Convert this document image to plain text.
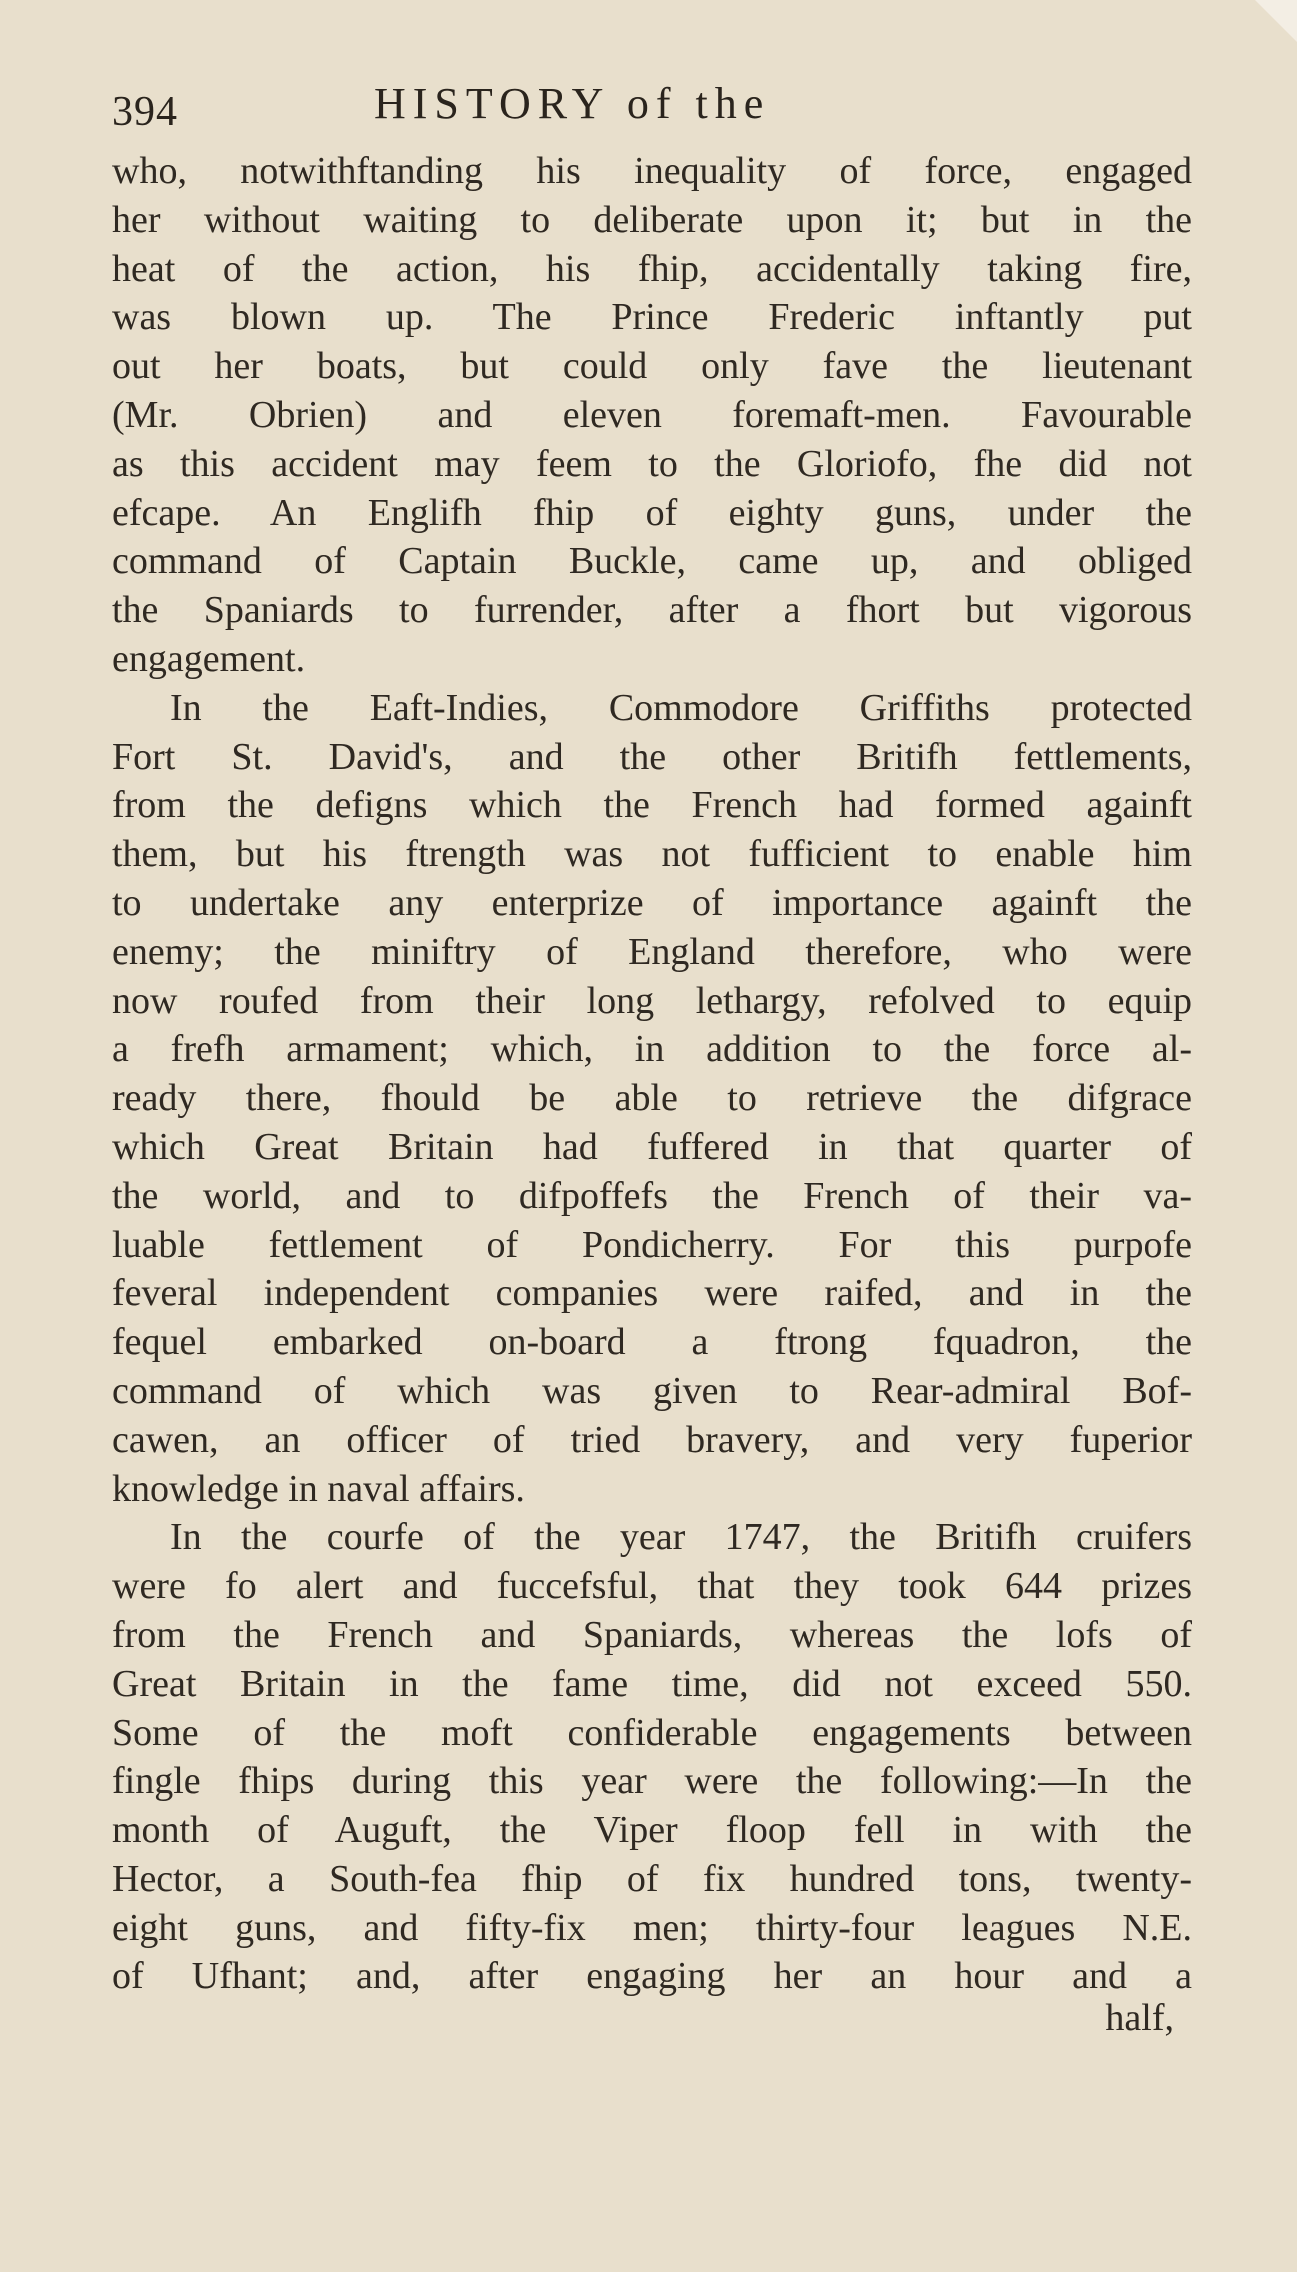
394	HISTORY of the
who, notwithftanding his inequality of force, engaged
her without waiting to deliberate upon it; but in the
heat of the action, his fhip, accidentally taking fire,
was blown up. The Prince Frederic inftantly put
out her boats, but could only fave the lieutenant
(Mr. Obrien) and eleven foremaft-men. Favourable
as this accident may feem to the Gloriofo, fhe did not
efcape. An Englifh fhip of eighty guns, under the
command of Captain Buckle, came up, and obliged
the Spaniards to furrender, after a fhort but vigorous
engagement.
In the Eaft-Indies, Commodore Griffiths protected
Fort St. David's, and the other Britifh fettlements,
from the defigns which the French had formed againft
them, but his ftrength was not fufficient to enable him
to undertake any enterprize of importance againft the
enemy; the miniftry of England therefore, who were
now roufed from their long lethargy, refolved to equip
a frefh armament; which, in addition to the force al-
ready there, fhould be able to retrieve the difgrace
which Great Britain had fuffered in that quarter of
the world, and to difpoffefs the French of their va-
luable fettlement of Pondicherry. For this purpofe
feveral independent companies were raifed, and in the
fequel embarked on-board a ftrong fquadron, the
command of which was given to Rear-admiral Bof-
cawen, an officer of tried bravery, and very fuperior
knowledge in naval affairs.
In the courfe of the year 1747, the Britifh cruifers
were fo alert and fuccefsful, that they took 644 prizes
from the French and Spaniards, whereas the lofs of
Great Britain in the fame time, did not exceed 550.
Some of the moft confiderable engagements between
fingle fhips during this year were the following:—In the
month of Auguft, the Viper floop fell in with the
Hector, a South-fea fhip of fix hundred tons, twenty-
eight guns, and fifty-fix men; thirty-four leagues N.E.
of Ufhant; and, after engaging her an hour and a
half,
